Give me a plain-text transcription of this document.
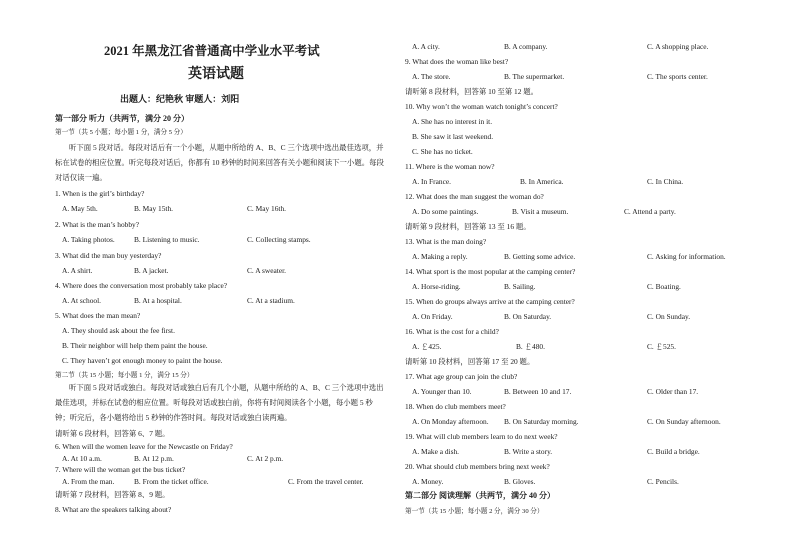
2021 年黑龙江省普通高中学业水平考试
英语试题
出题人：纪艳秋 审题人：刘阳
第一部分 听力（共两节，满分 20 分）
第一节（共 5 小题；每小题 1 分，满分 5 分）
听下面 5 段对话。每段对话后有一个小题，从题中所给的 A、B、C 三个选项中选出最佳选项，并标在试卷的相应位置。听完每段对话后，你都有 10 秒钟的时间来回答有关小题和阅读下一小题。每段对话仅读一遍。
1. When is the girl’s birthday?
A. May 5th.	B. May 15th.	C. May 16th.
2. What is the man’s hobby?
A. Taking photos.	B. Listening to music.	C. Collecting stamps.
3. What did the man buy yesterday?
A. A shirt.	B. A jacket.	C. A sweater.
4. Where does the conversation most probably take place?
A. At school.	B. At a hospital.	C. At a stadium.
5. What does the man mean?
A. They should ask about the fee first.
B. Their neighbor will help them paint the house.
C. They haven’t got enough money to paint the house.
第二节（共 15 小题；每小题 1 分，满分 15 分）
听下面 5 段对话或独白。每段对话或独白后有几个小题，从题中所给的 A、B、C 三个选项中选出最佳选项，并标在试卷的相应位置。听每段对话或独白前，你将有时间阅读各个小题，每小题 5 秒钟；听完后，各小题将给出 5 秒钟的作答时间。每段对话或独白读两遍。
请听第 6 段材料，回答第 6、7 题。
6. When will the women leave for the Newcastle on Friday?
A. At 10 a.m.	B. At 12 p.m.	C. At 2 p.m.
7. Where will the woman get the bus ticket?
A. From the man.	B. From the ticket office.	C. From the travel center.
请听第 7 段材料，回答第 8、9 题。
8. What are the speakers talking about?
A. A city.	B. A company.	C. A shopping place.
9. What does the woman like best?
A. The store.	B. The supermarket.	C. The sports center.
请听第 8 段材料，回答第 10 至第 12 题。
10. Why won’t the woman watch tonight’s concert?
A. She has no interest in it.
B. She saw it last weekend.
C. She has no ticket.
11. Where is the woman now?
A. In France.	B. In America.	C. In China.
12. What does the man suggest the woman do?
A. Do some paintings.	B. Visit a museum.	C. Attend a party.
请听第 9 段材料，回答第 13 至 16 题。
13. What is the man doing?
A. Making a reply.	B. Getting some advice.	C. Asking for information.
14. What sport is the most popular at the camping center?
A. Horse-riding.	B. Sailing.	C. Boating.
15. When do groups always arrive at the camping center?
A. On Friday.	B. On Saturday.	C. On Sunday.
16. What is the cost for a child?
A. ￡425.	B. ￡480.	C. ￡525.
请听第 10 段材料，回答第 17 至 20 题。
17. What age group can join the club?
A. Younger than 10.	B. Between 10 and 17.	C. Older than 17.
18. When do club members meet?
A. On Monday afternoon. B. On Saturday morning.	C. On Sunday afternoon.
19. What will club members learn to do next week?
A. Make a dish.	B. Write a story.	C. Build a bridge.
20. What should club members bring next week?
A. Money.	B. Gloves.	C. Pencils.
第二部分 阅读理解（共两节，满分 40 分）
第一节（共 15 小题；每小题 2 分，满分 30 分）
